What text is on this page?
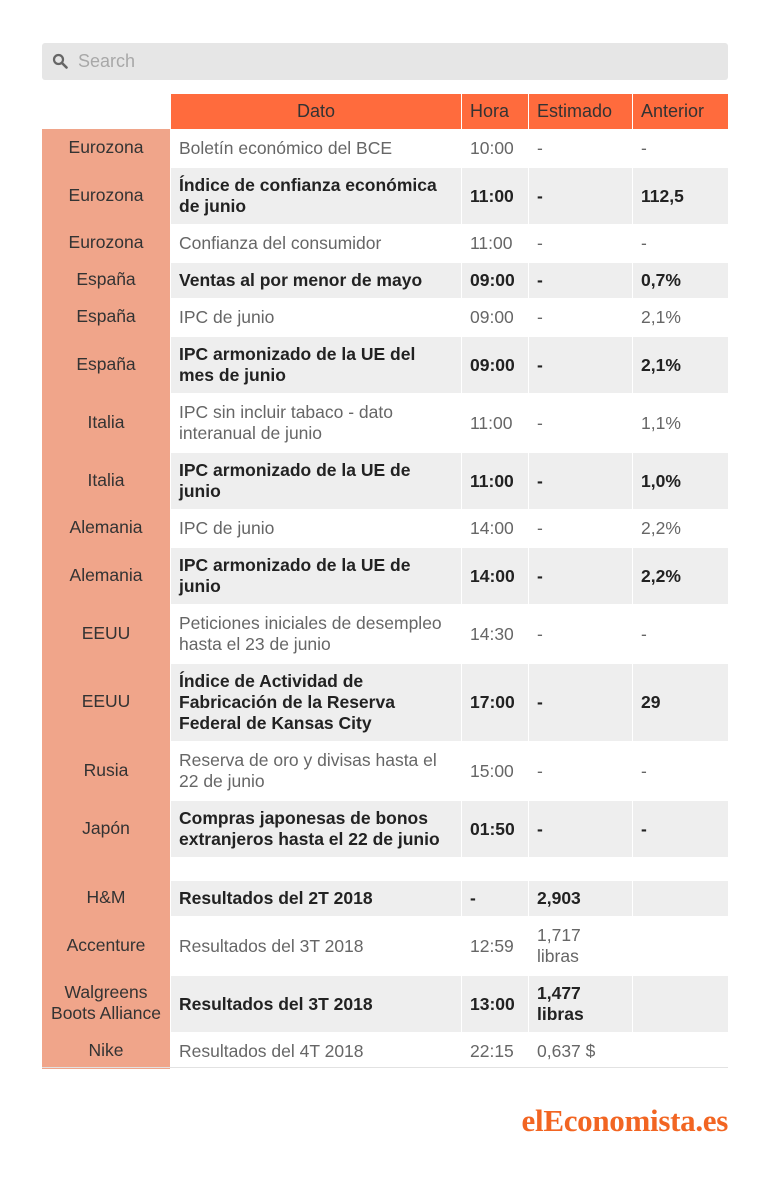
Search
	Dato	Hora	Estimado	Anterior
Eurozona	Boletín económico del BCE	10:00	-	-
Eurozona	Índice de confianza económica de junio	11:00	-	112,5
Eurozona	Confianza del consumidor	11:00	-	-
España	Ventas al por menor de mayo	09:00	-	0,7%
España	IPC de junio	09:00	-	2,1%
España	IPC armonizado de la UE del mes de junio	09:00	-	2,1%
Italia	IPC sin incluir tabaco - dato interanual de junio	11:00	-	1,1%
Italia	IPC armonizado de la UE de junio	11:00	-	1,0%
Alemania	IPC de junio	14:00	-	2,2%
Alemania	IPC armonizado de la UE de junio	14:00	-	2,2%
EEUU	Peticiones iniciales de desempleo hasta el 23 de junio	14:30	-	-
EEUU	Índice de Actividad de Fabricación de la Reserva Federal de Kansas City	17:00	-	29
Rusia	Reserva de oro y divisas hasta el 22 de junio	15:00	-	-
Japón	Compras japonesas de bonos extranjeros hasta el 22 de junio	01:50	-	-

H&M	Resultados del 2T 2018	-	2,903	
Accenture	Resultados del 3T 2018	12:59	1,717 libras	
Walgreens Boots Alliance	Resultados del 3T 2018	13:00	1,477 libras	
Nike	Resultados del 4T 2018	22:15	0,637 $	
elEconomista.es
